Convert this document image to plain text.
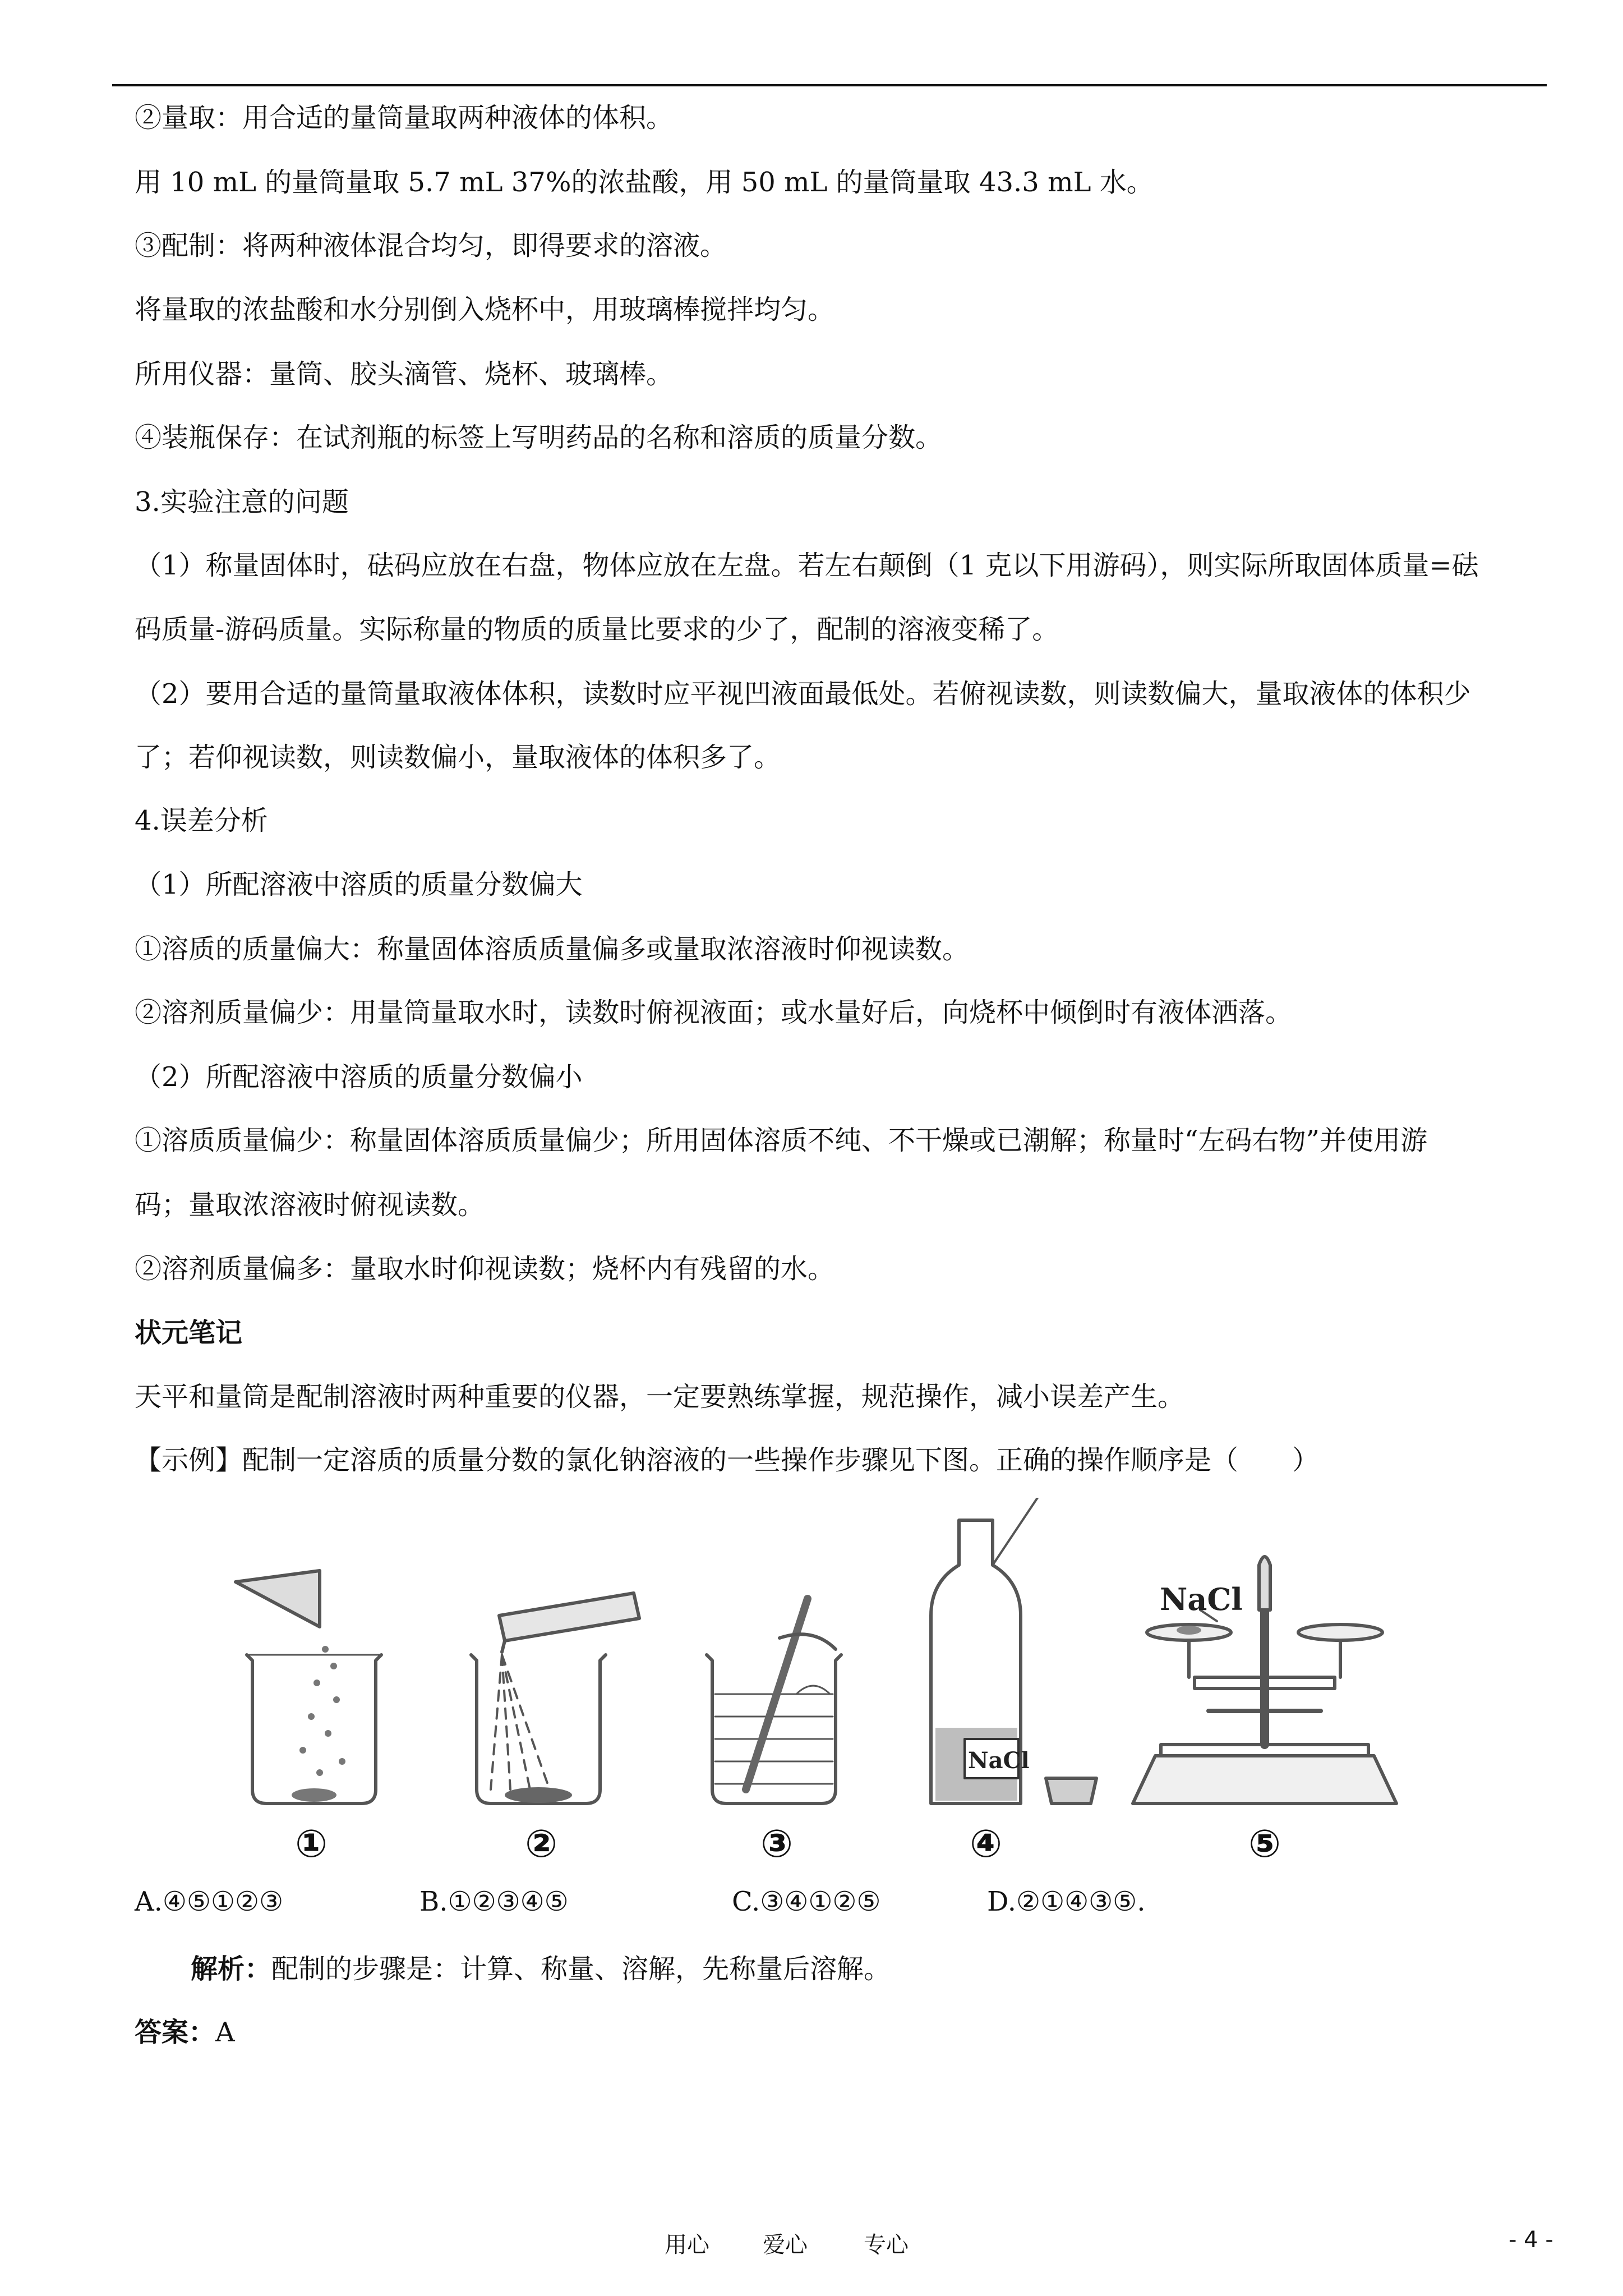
②量取：用合适的量筒量取两种液体的体积。
用 10 mL 的量筒量取 5.7 mL 37%的浓盐酸，用 50 mL 的量筒量取 43.3 mL 水。
③配制：将两种液体混合均匀，即得要求的溶液。
将量取的浓盐酸和水分别倒入烧杯中，用玻璃棒搅拌均匀。
所用仪器：量筒、胶头滴管、烧杯、玻璃棒。
④装瓶保存：在试剂瓶的标签上写明药品的名称和溶质的质量分数。
3.实验注意的问题
（1）称量固体时，砝码应放在右盘，物体应放在左盘。若左右颠倒（1 克以下用游码），则实际所取固体质量=砝
码质量-游码质量。实际称量的物质的质量比要求的少了，配制的溶液变稀了。
（2）要用合适的量筒量取液体体积，读数时应平视凹液面最低处。若俯视读数，则读数偏大，量取液体的体积少
了；若仰视读数，则读数偏小，量取液体的体积多了。
4.误差分析
（1）所配溶液中溶质的质量分数偏大
①溶质的质量偏大：称量固体溶质质量偏多或量取浓溶液时仰视读数。
②溶剂质量偏少：用量筒量取水时，读数时俯视液面；或水量好后，向烧杯中倾倒时有液体洒落。
（2）所配溶液中溶质的质量分数偏小
①溶质质量偏少：称量固体溶质质量偏少；所用固体溶质不纯、不干燥或已潮解；称量时“左码右物”并使用游
码；量取浓溶液时俯视读数。
②溶剂质量偏多：量取水时仰视读数；烧杯内有残留的水。
状元笔记
天平和量筒是配制溶液时两种重要的仪器，一定要熟练掌握，规范操作，减小误差产生。
【示例】配制一定溶质的质量分数的氯化钠溶液的一些操作步骤见下图。正确的操作顺序是（　　）
NaCl
NaCl
①	②	③	④	⑤
A.④⑤①②③	B.①②③④⑤	C.③④①②⑤	D.②①④③⑤.
解析：配制的步骤是：计算、称量、溶解，先称量后溶解。
答案：A
用心 爱心	专心	- 4 -
